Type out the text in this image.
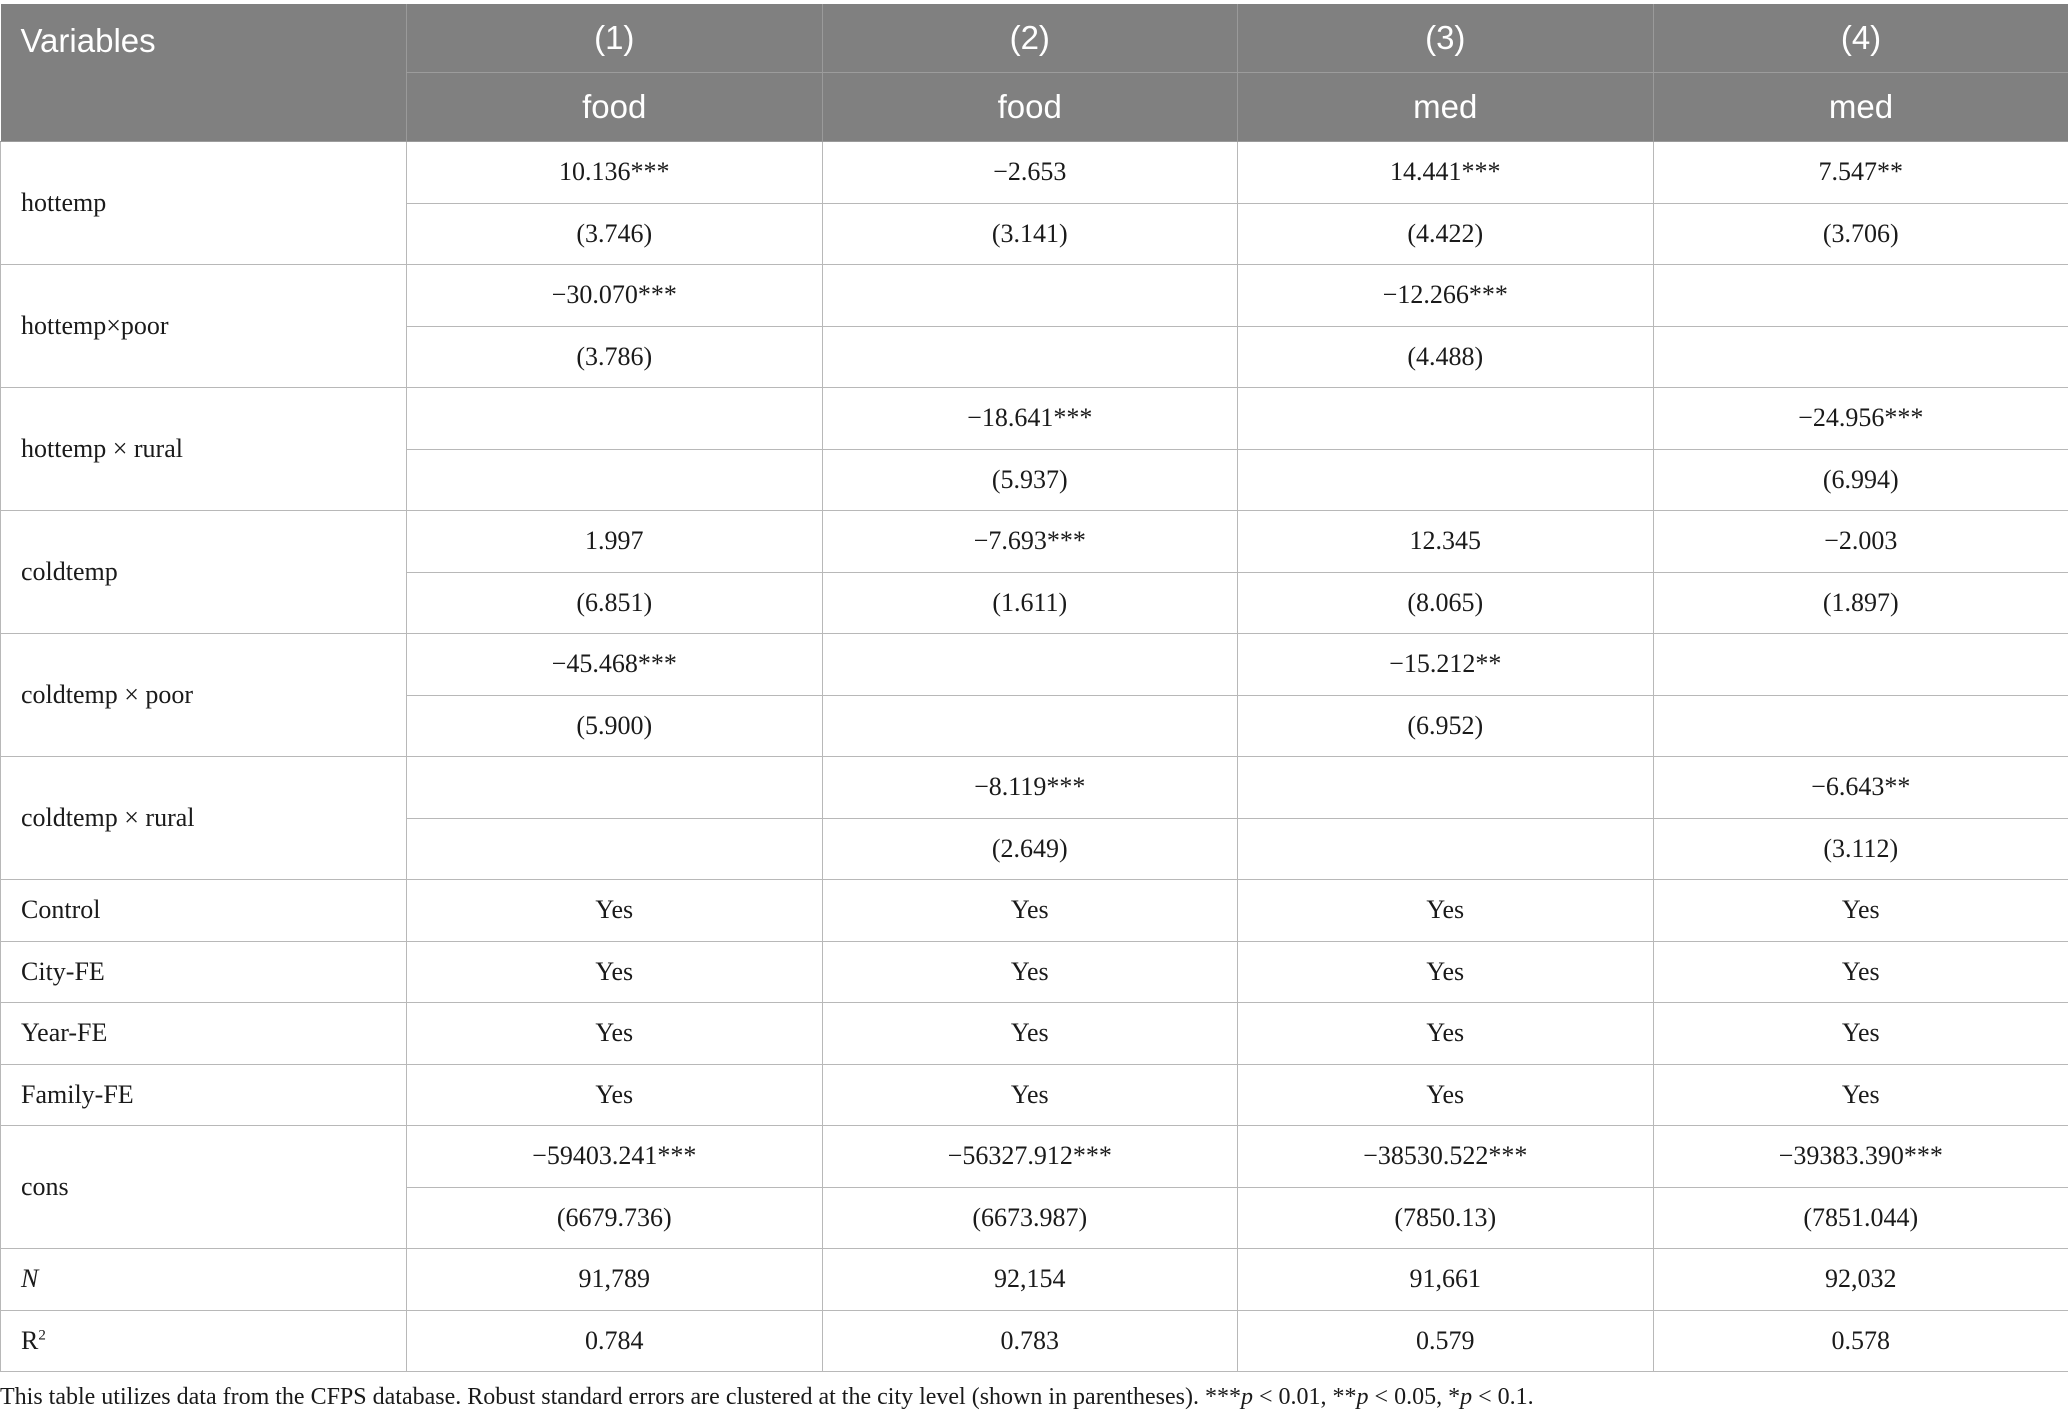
Variables	(1)	(2)	(3)	(4)
	food	food	med	med
hottemp	10.136***	−2.653	14.441***	7.547**
	(3.746)	(3.141)	(4.422)	(3.706)
hottemp×poor	−30.070***		−12.266***	
	(3.786)		(4.488)	
hottemp × rural		−18.641***		−24.956***
		(5.937)		(6.994)
coldtemp	1.997	−7.693***	12.345	−2.003
	(6.851)	(1.611)	(8.065)	(1.897)
coldtemp × poor	−45.468***		−15.212**	
	(5.900)		(6.952)	
coldtemp × rural		−8.119***		−6.643**
		(2.649)		(3.112)
Control	Yes	Yes	Yes	Yes
City-FE	Yes	Yes	Yes	Yes
Year-FE	Yes	Yes	Yes	Yes
Family-FE	Yes	Yes	Yes	Yes
cons	−59403.241***	−56327.912***	−38530.522***	−39383.390***
	(6679.736)	(6673.987)	(7850.13)	(7851.044)
N	91,789	92,154	91,661	92,032
$R^2$	0.784	0.783	0.579	0.578
This table utilizes data from the CFPS database. Robust standard errors are clustered at the city level (shown in parentheses). ***p < 0.01, **p < 0.05, *p < 0.1.
